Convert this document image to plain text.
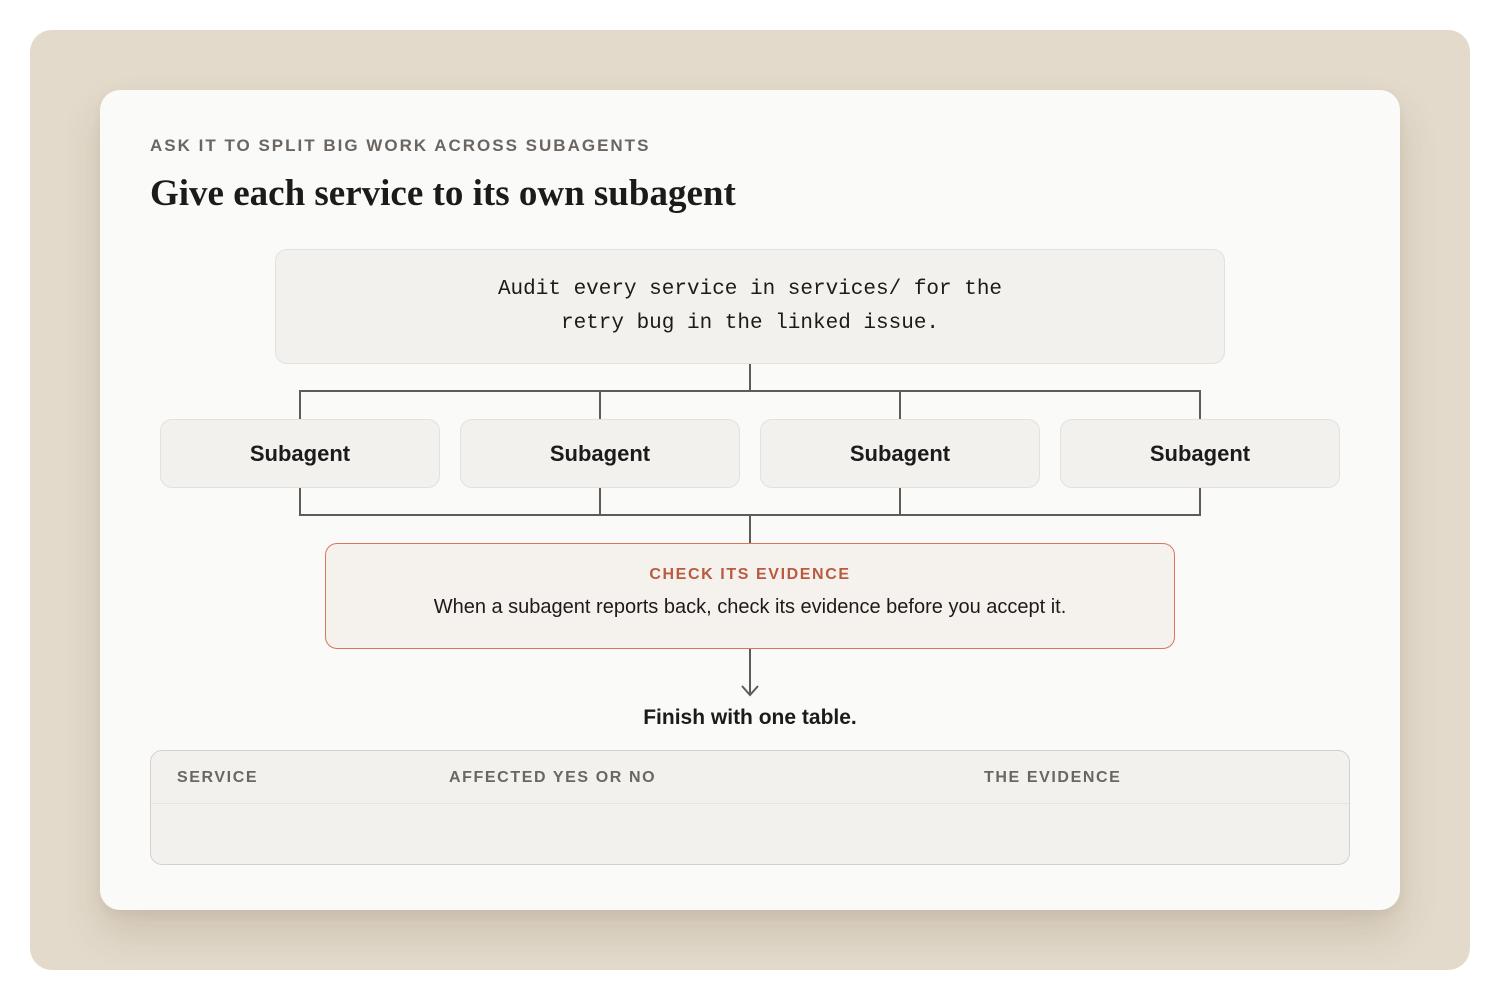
ASK IT TO SPLIT BIG WORK ACROSS SUBAGENTS
Give each service to its own subagent
Audit every service in services/ for the retry bug in the linked issue.
Subagent	Subagent	Subagent	Subagent
CHECK ITS EVIDENCE
When a subagent reports back, check its evidence before you accept it.
Finish with one table.
SERVICE	AFFECTED YES OR NO	THE EVIDENCE
